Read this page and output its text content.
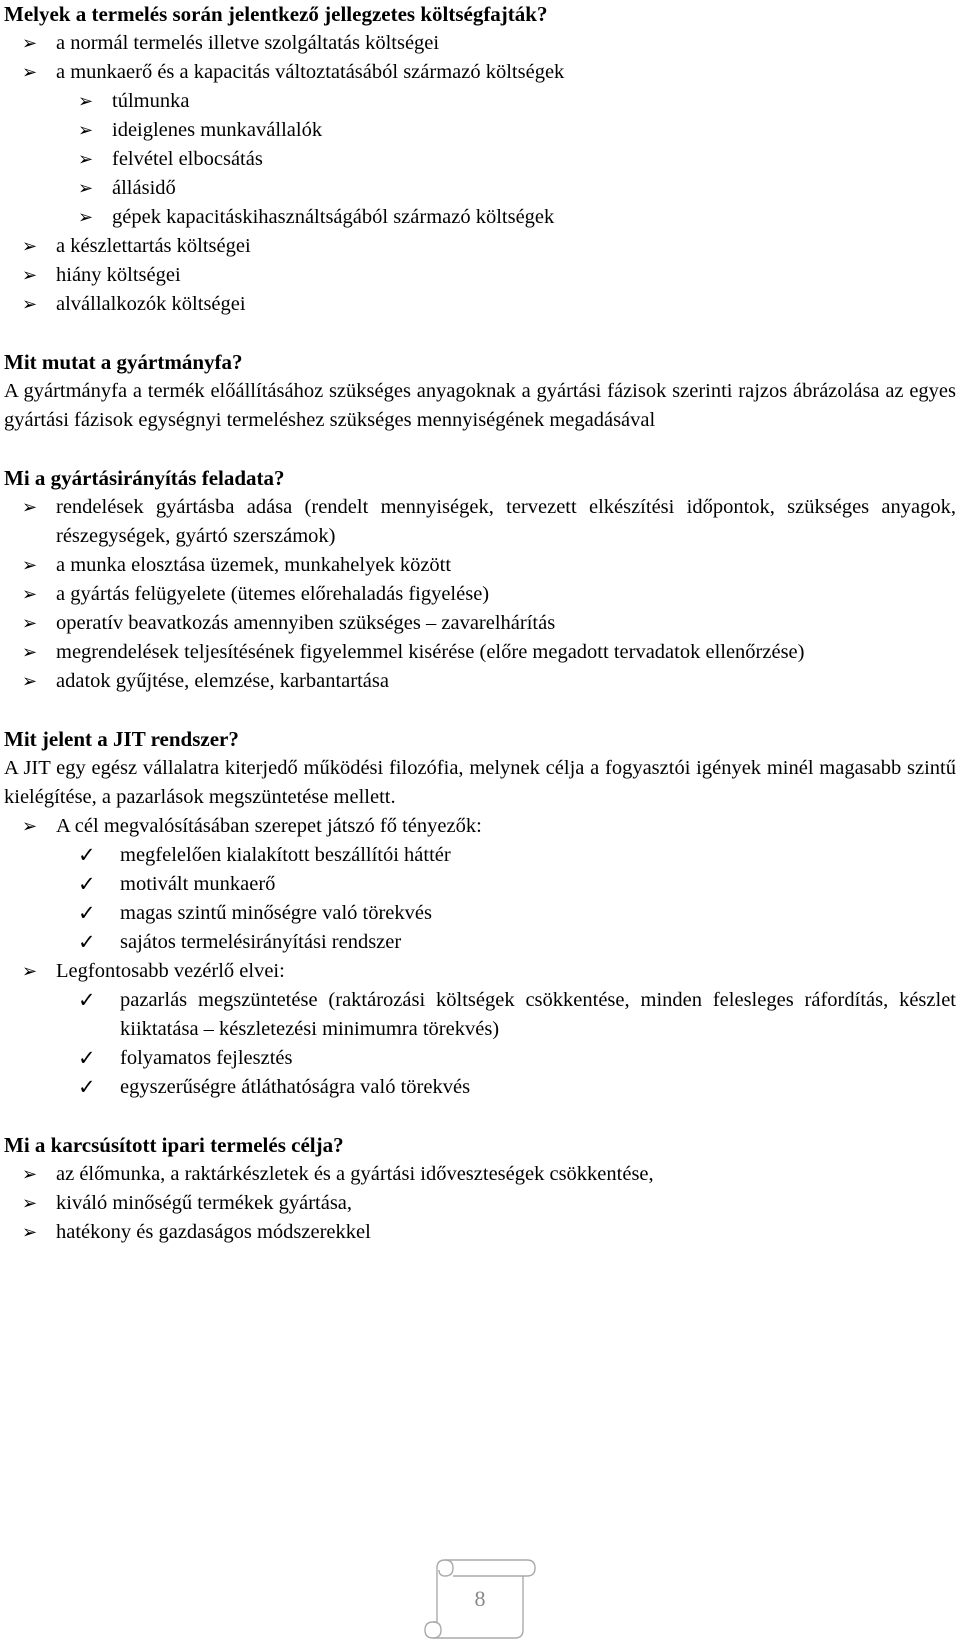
Melyek a termelés során jelentkező jellegzetes költségfajták?
➢ a normál termelés illetve szolgáltatás költségei
➢ a munkaerő és a kapacitás változtatásából származó költségek
➢ túlmunka
➢ ideiglenes munkavállalók
➢ felvétel elbocsátás
➢ állásidő
➢ gépek kapacitáskihasználtságából származó költségek
➢ a készlettartás költségei
➢ hiány költségei
➢ alvállalkozók költségei
Mit mutat a gyártmányfa?
A gyártmányfa a termék előállításához szükséges anyagoknak a gyártási fázisok szerinti rajzos ábrázolása az egyes gyártási fázisok egységnyi termeléshez szükséges mennyiségének megadásával
Mi a gyártásirányítás feladata?
➢ rendelések gyártásba adása (rendelt mennyiségek, tervezett elkészítési időpontok, szükséges anyagok, részegységek, gyártó szerszámok)
➢ a munka elosztása üzemek, munkahelyek között
➢ a gyártás felügyelete (ütemes előrehaladás figyelése)
➢ operatív beavatkozás amennyiben szükséges – zavarelhárítás
➢ megrendelések teljesítésének figyelemmel kisérése (előre megadott tervadatok ellenőrzése)
➢ adatok gyűjtése, elemzése, karbantartása
Mit jelent a JIT rendszer?
A JIT egy egész vállalatra kiterjedő működési filozófia, melynek célja a fogyasztói igények minél magasabb szintű kielégítése, a pazarlások megszüntetése mellett.
➢ A cél megvalósításában szerepet játszó fő tényezők:
✓	megfelelően kialakított beszállítói háttér
✓	motivált munkaerő
✓	magas szintű minőségre való törekvés
✓	sajátos termelésirányítási rendszer
➢ Legfontosabb vezérlő elvei:
✓	pazarlás megszüntetése (raktározási költségek csökkentése, minden felesleges ráfordítás, készlet kiiktatása – készletezési minimumra törekvés)
✓	folyamatos fejlesztés
✓	egyszerűségre átláthatóságra való törekvés
Mi a karcsúsított ipari termelés célja?
➢ az élőmunka, a raktárkészletek és a gyártási időveszteségek csökkentése,
➢ kiváló minőségű termékek gyártása,
➢ hatékony és gazdaságos módszerekkel
8
